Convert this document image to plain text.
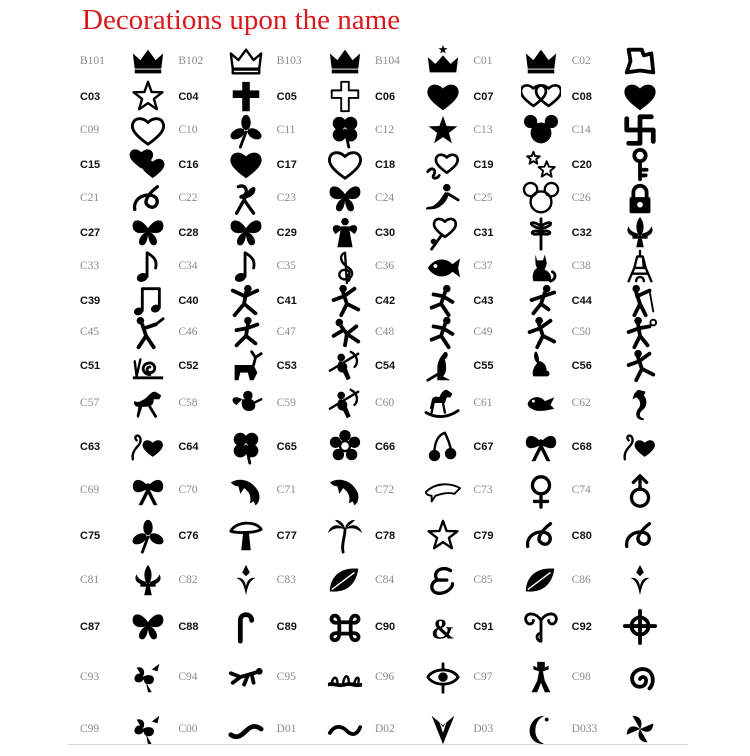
Decorations upon the name
B101	B102	B103	B104	C01	C02
C03	C04	C05	C06	C07	C08
C09	C10	C11	C12	C13	C14
C15	C16	C17	C18	C19	C20
C21	C22	C23	C24	C25	C26
C27	C28	C29	C30	C31	C32
C33	C34	C35	C36	C37	C38
C39	C40	C41	C42	C43	C44
C45	C46	C47	C48	C49	C50
C51	C52	C53	C54	C55	C56
C57	C58	C59	C60	C61	C62
C63	C64	C65	C66	C67	C68
C69	C70	C71	C72	C73	C74
C75	C76	C77	C78	C79	C80
C81	C82	C83	C84	C85	C86
C87	C88	C89	C90	& C91	C92
C93	C94	C95	C96	C97	C98
C99	C00	D01	D02	D03	D033
